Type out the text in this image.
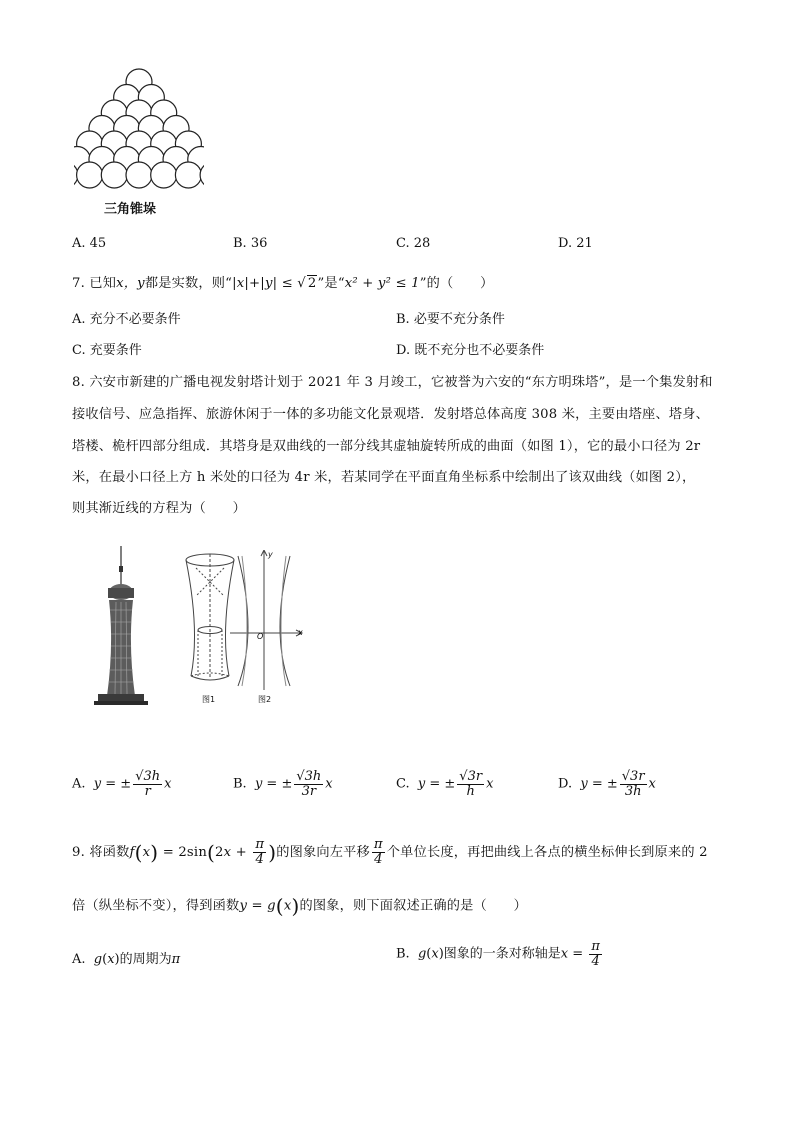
三角锥垛
A. 45	B. 36	C. 28	D. 21
7. 已知x，y都是实数，则“|x|+|y| ≤ √ 2”是“x² + y² ≤ 1”的（　　）
A. 充分不必要条件	B. 必要不充分条件
C. 充要条件	D. 既不充分也不必要条件
8. 六安市新建的广播电视发射塔计划于 2021 年 3 月竣工，它被誉为六安的“东方明珠塔”，是一个集发射和
接收信号、应急指挥、旅游休闲于一体的多功能文化景观塔．发射塔总体高度 308 米，主要由塔座、塔身、
塔楼、桅杆四部分组成．其塔身是双曲线的一部分线其虚轴旋转所成的曲面（如图 1），它的最小口径为 2r
米，在最小口径上方 h 米处的口径为 4r 米，若某同学在平面直角坐标系中绘制出了该双曲线（如图 2），
则其渐近线的方程为（　　）
图1
y
x
O
图2
A. y = ± $\frac{√3h}{r}$ x	B. y = ± $\frac{√3h}{3r}$ x	C. y = ± $\frac{√3r}{h}$ x	D. y = ± $\frac{√3r}{3h}$ x
9. 将函数$f(x) = 2\sin(2x + \frac{\pi}{4}$ )的图象向左平移 $\frac{\pi}{4}$ 个单位长度，再把曲线上各点的横坐标伸长到原来的 2
倍（纵坐标不变），得到函数y = g(x)的图象，则下面叙述正确的是（　　）
A. g(x)的周期为π	B. g(x)图象的一条对称轴是$x = \frac{\pi}{4}$
